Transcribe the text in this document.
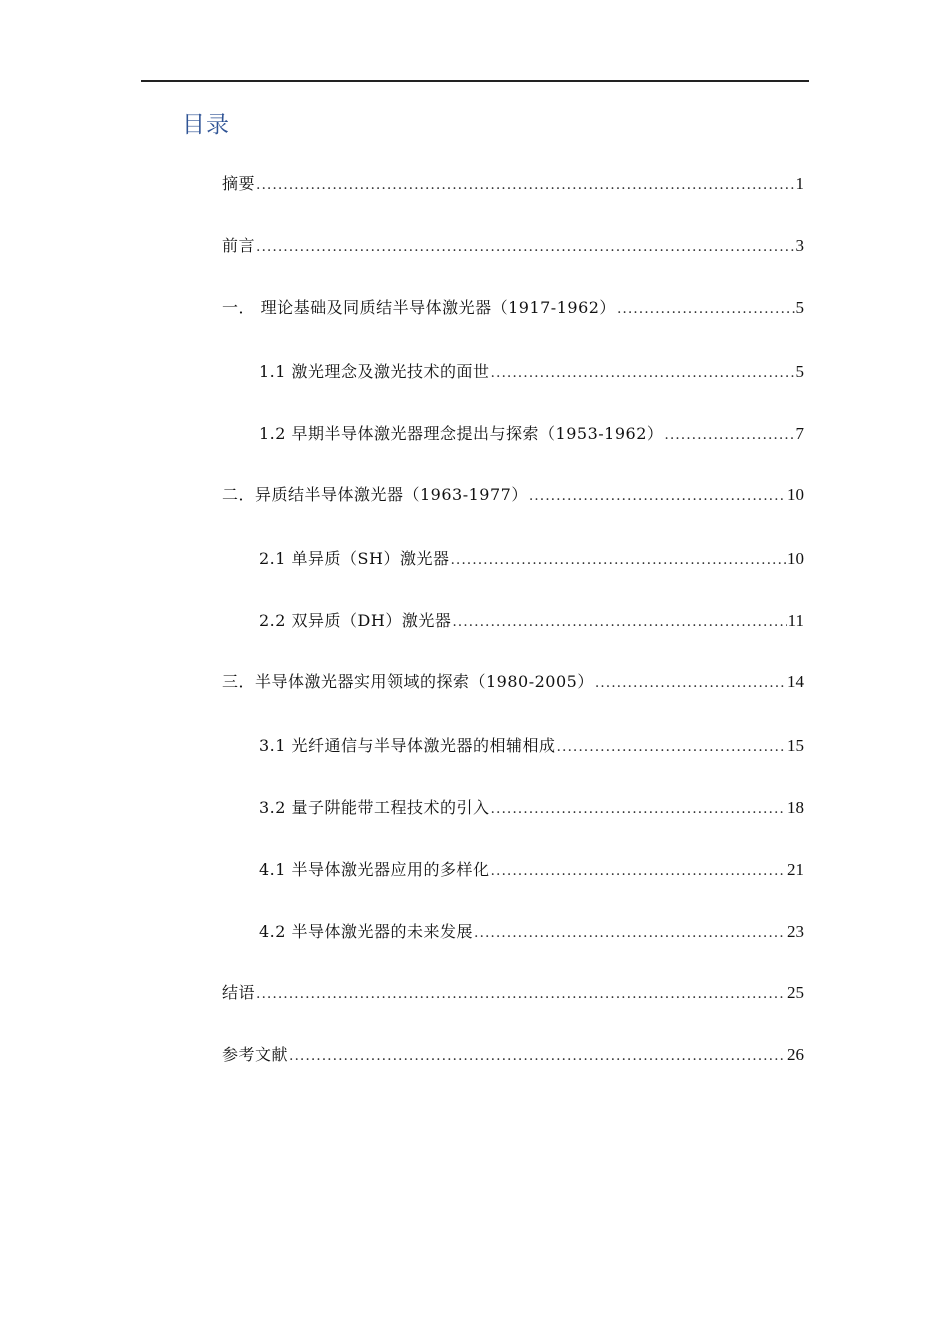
目录
摘要 .....	1
前言 .....	3
一． 理论基础及同质结半导体激光器（1917-1962） .....	5
1.1 激光理念及激光技术的面世 .....	5
1.2 早期半导体激光器理念提出与探索（1953-1962） .....	7
二．异质结半导体激光器（1963-1977） .....	10
2.1 单异质（SH）激光器 .....	10
2.2 双异质（DH）激光器 .....	11
三．半导体激光器实用领域的探索（1980-2005） .....	14
3.1 光纤通信与半导体激光器的相辅相成 .....	15
3.2 量子阱能带工程技术的引入 .....	18
4.1 半导体激光器应用的多样化 .....	21
4.2 半导体激光器的未来发展 .....	23
结语 .....	25
参考文献 .....	26
